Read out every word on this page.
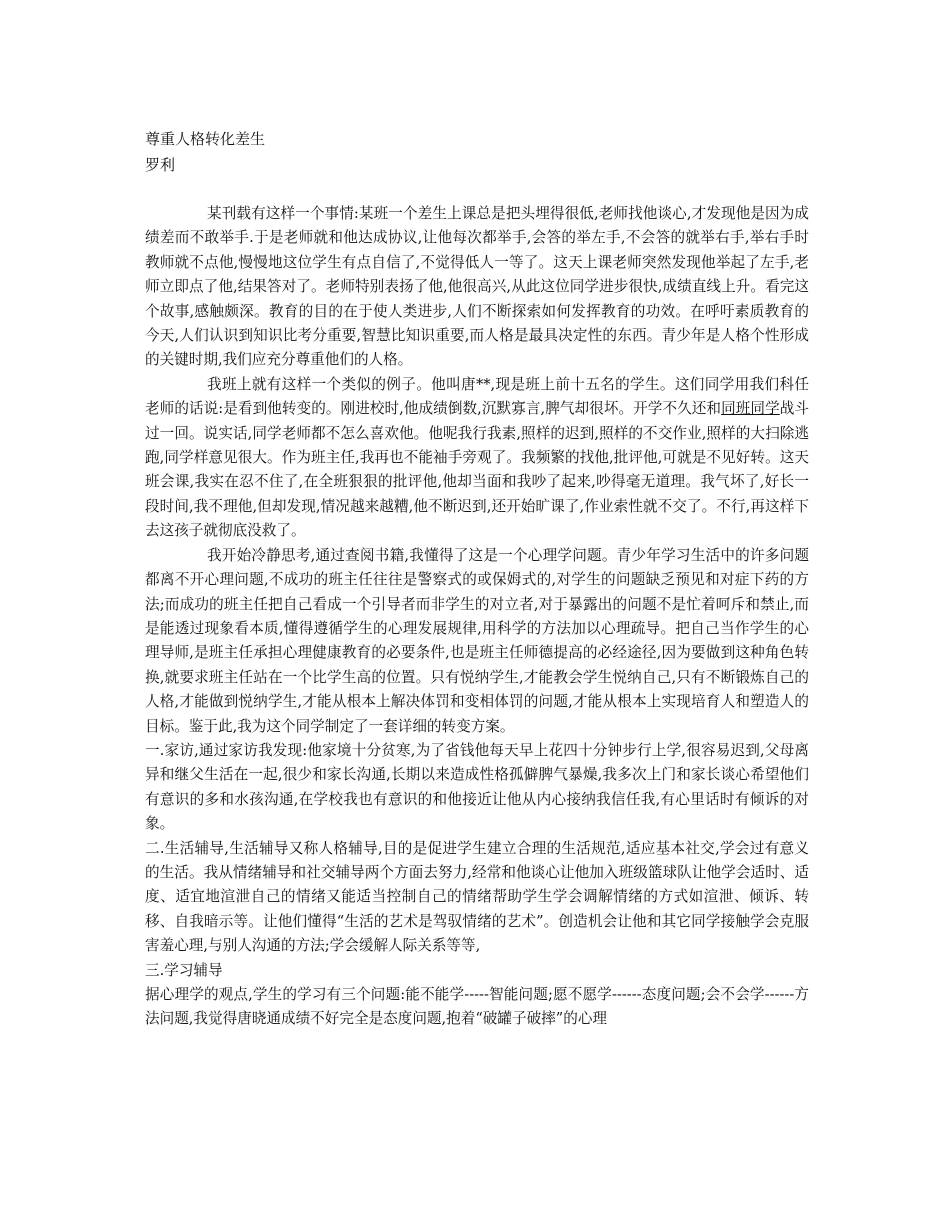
尊重人格转化差生

罗利

某刊载有这样一个事情:某班一个差生上课总是把头埋得很低,老师找他谈心,才发现他是因为成绩差而不敢举手.于是老师就和他达成协议,让他每次都举手,会答的举左手,不会答的就举右手,举右手时教师就不点他,慢慢地这位学生有点自信了,不觉得低人一等了。这天上课老师突然发现他举起了左手,老师立即点了他,结果答对了。老师特别表扬了他,他很高兴,从此这位同学进步很快,成绩直线上升。看完这个故事,感触颇深。教育的目的在于使人类进步,人们不断探索如何发挥教育的功效。在呼吁素质教育的今天,人们认识到知识比考分重要,智慧比知识重要,而人格是最具决定性的东西。青少年是人格个性形成的关键时期,我们应充分尊重他们的人格。

我班上就有这样一个类似的例子。他叫唐**,现是班上前十五名的学生。这们同学用我们科任老师的话说:是看到他转变的。刚进校时,他成绩倒数,沉默寡言,脾气却很坏。开学不久还和同班同学战斗过一回。说实话,同学老师都不怎么喜欢他。他呢我行我素,照样的迟到,照样的不交作业,照样的大扫除逃跑,同学样意见很大。作为班主任,我再也不能袖手旁观了。我频繁的找他,批评他,可就是不见好转。这天班会课,我实在忍不住了,在全班狠狠的批评他,他却当面和我吵了起来,吵得毫无道理。我气坏了,好长一段时间,我不理他,但却发现,情况越来越糟,他不断迟到,还开始旷课了,作业索性就不交了。不行,再这样下去这孩子就彻底没救了。

我开始冷静思考,通过查阅书籍,我懂得了这是一个心理学问题。青少年学习生活中的许多问题都离不开心理问题,不成功的班主任往往是警察式的或保姆式的,对学生的问题缺乏预见和对症下药的方法;而成功的班主任把自己看成一个引导者而非学生的对立者,对于暴露出的问题不是忙着呵斥和禁止,而是能透过现象看本质,懂得遵循学生的心理发展规律,用科学的方法加以心理疏导。把自己当作学生的心理导师,是班主任承担心理健康教育的必要条件,也是班主任师德提高的必经途径,因为要做到这种角色转换,就要求班主任站在一个比学生高的位置。只有悦纳学生,才能教会学生悦纳自己,只有不断锻炼自己的人格,才能做到悦纳学生,才能从根本上解决体罚和变相体罚的问题,才能从根本上实现培育人和塑造人的目标。鉴于此,我为这个同学制定了一套详细的转变方案。

一.家访,通过家访我发现:他家境十分贫寒,为了省钱他每天早上花四十分钟步行上学,很容易迟到,父母离异和继父生活在一起,很少和家长沟通,长期以来造成性格孤僻脾气暴燥,我多次上门和家长谈心希望他们有意识的多和水孩沟通,在学校我也有意识的和他接近让他从内心接纳我信任我,有心里话时有倾诉的对象。

二.生活辅导,生活辅导又称人格辅导,目的是促进学生建立合理的生活规范,适应基本社交,学会过有意义的生活。我从情绪辅导和社交辅导两个方面去努力,经常和他谈心让他加入班级篮球队让他学会适时、适度、适宜地渲泄自己的情绪又能适当控制自己的情绪帮助学生学会调解情绪的方式如渲泄、倾诉、转移、自我暗示等。让他们懂得“生活的艺术是驾驭情绪的艺术”。创造机会让他和其它同学接触学会克服害羞心理,与别人沟通的方法;学会缓解人际关系等等,

三.学习辅导

据心理学的观点,学生的学习有三个问题:能不能学-----智能问题;愿不愿学------态度问题;会不会学------方法问题,我觉得唐晓通成绩不好完全是态度问题,抱着“破罐子破摔”的心理
